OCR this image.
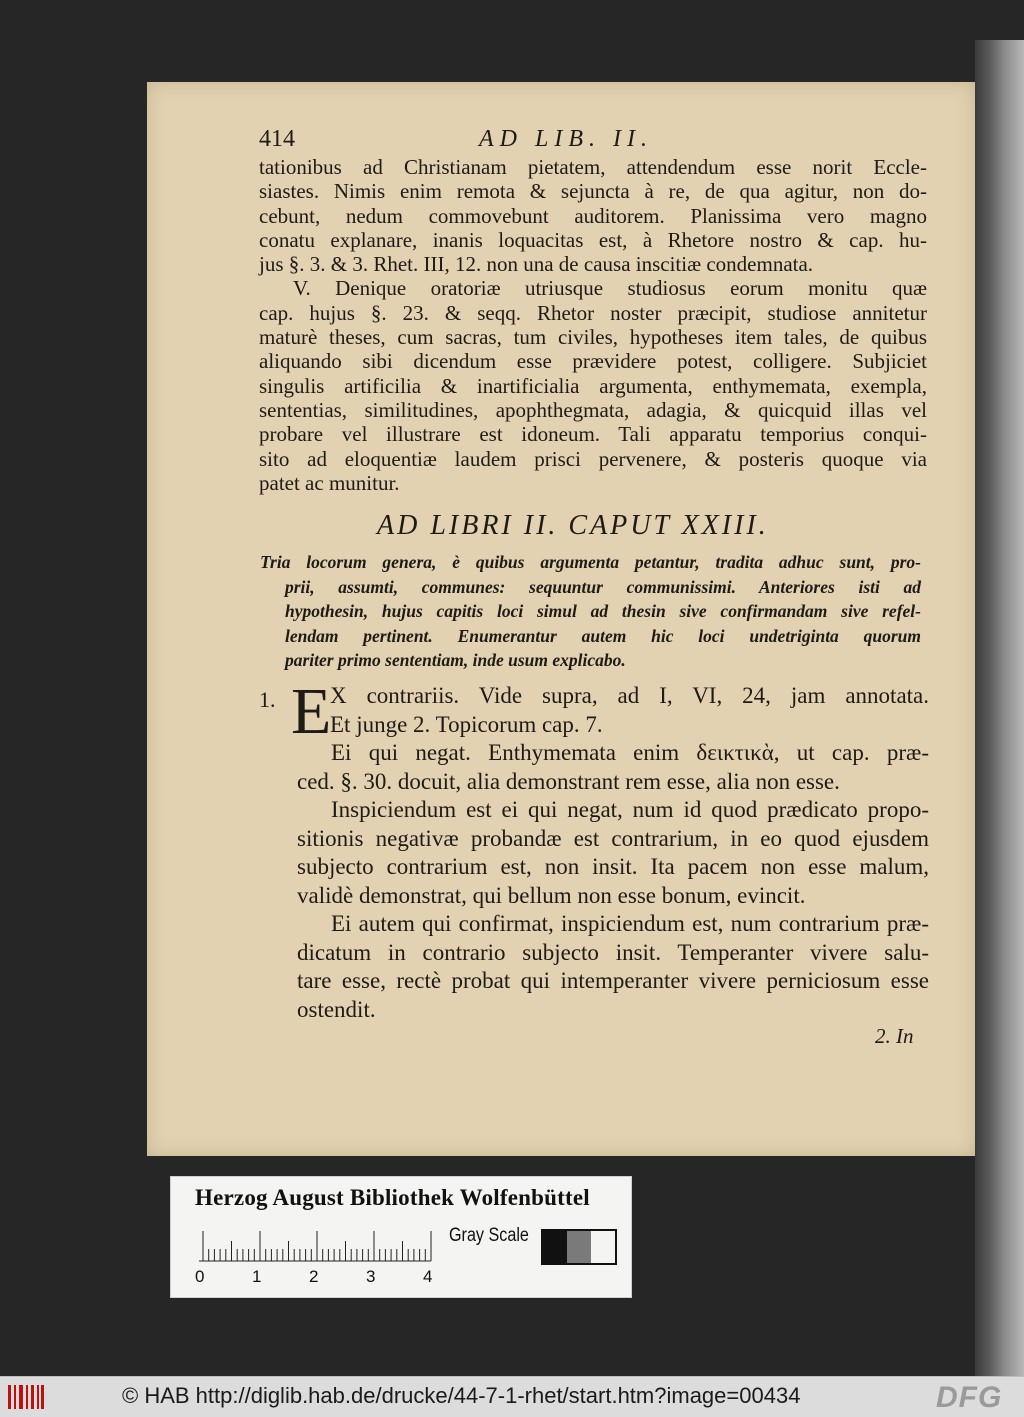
414	AD LIB. II.
tationibus ad Christianam pietatem, attendendum esse norit Eccle-
siastes. Nimis enim remota & sejuncta à re, de qua agitur, non do-
cebunt, nedum commovebunt auditorem. Planissima vero magno
conatu explanare, inanis loquacitas est, à Rhetore nostro & cap. hu-
jus §. 3. & 3. Rhet. III, 12. non una de causa inscitiæ condemnata.
V. Denique oratoriæ utriusque studiosus eorum monitu quæ
cap. hujus §. 23. & seqq. Rhetor noster præcipit, studiose annitetur
maturè theses, cum sacras, tum civiles, hypotheses item tales, de quibus
aliquando sibi dicendum esse prævidere potest, colligere. Subjiciet
singulis artificilia & inartificialia argumenta, enthymemata, exempla,
sententias, similitudines, apophthegmata, adagia, & quicquid illas vel
probare vel illustrare est idoneum. Tali apparatu temporius conqui-
sito ad eloquentiæ laudem prisci pervenere, & posteris quoque via
patet ac munitur.
AD LIBRI II. CAPUT XXIII.
Tria locorum genera, è quibus argumenta petantur, tradita adhuc sunt, pro-
prii, assumti, communes: sequuntur communissimi. Anteriores isti ad
hypothesin, hujus capitis loci simul ad thesin sive confirmandam sive refel-
lendam pertinent. Enumerantur autem hic loci undetriginta quorum
pariter primo sententiam, inde usum explicabo.
1. E
X contrariis. Vide supra, ad I, VI, 24, jam annotata.
Et junge 2. Topicorum cap. 7.
Ei qui negat. Enthymemata enim δεικτικὰ, ut cap. præ-
ced. §. 30. docuit, alia demonstrant rem esse, alia non esse.
Inspiciendum est ei qui negat, num id quod prædicato propo-
sitionis negativæ probandæ est contrarium, in eo quod ejusdem
subjecto contrarium est, non insit. Ita pacem non esse malum,
validè demonstrat, qui bellum non esse bonum, evincit.
Ei autem qui confirmat, inspiciendum est, num contrarium præ-
dicatum in contrario subjecto insit. Temperanter vivere salu-
tare esse, rectè probat qui intemperanter vivere perniciosum esse
ostendit.
2. In
Herzog August Bibliothek Wolfenbüttel
0	1	2	3	4
Gray Scale
© HAB http://diglib.hab.de/drucke/44-7-1-rhet/start.htm?image=00434	DFG
